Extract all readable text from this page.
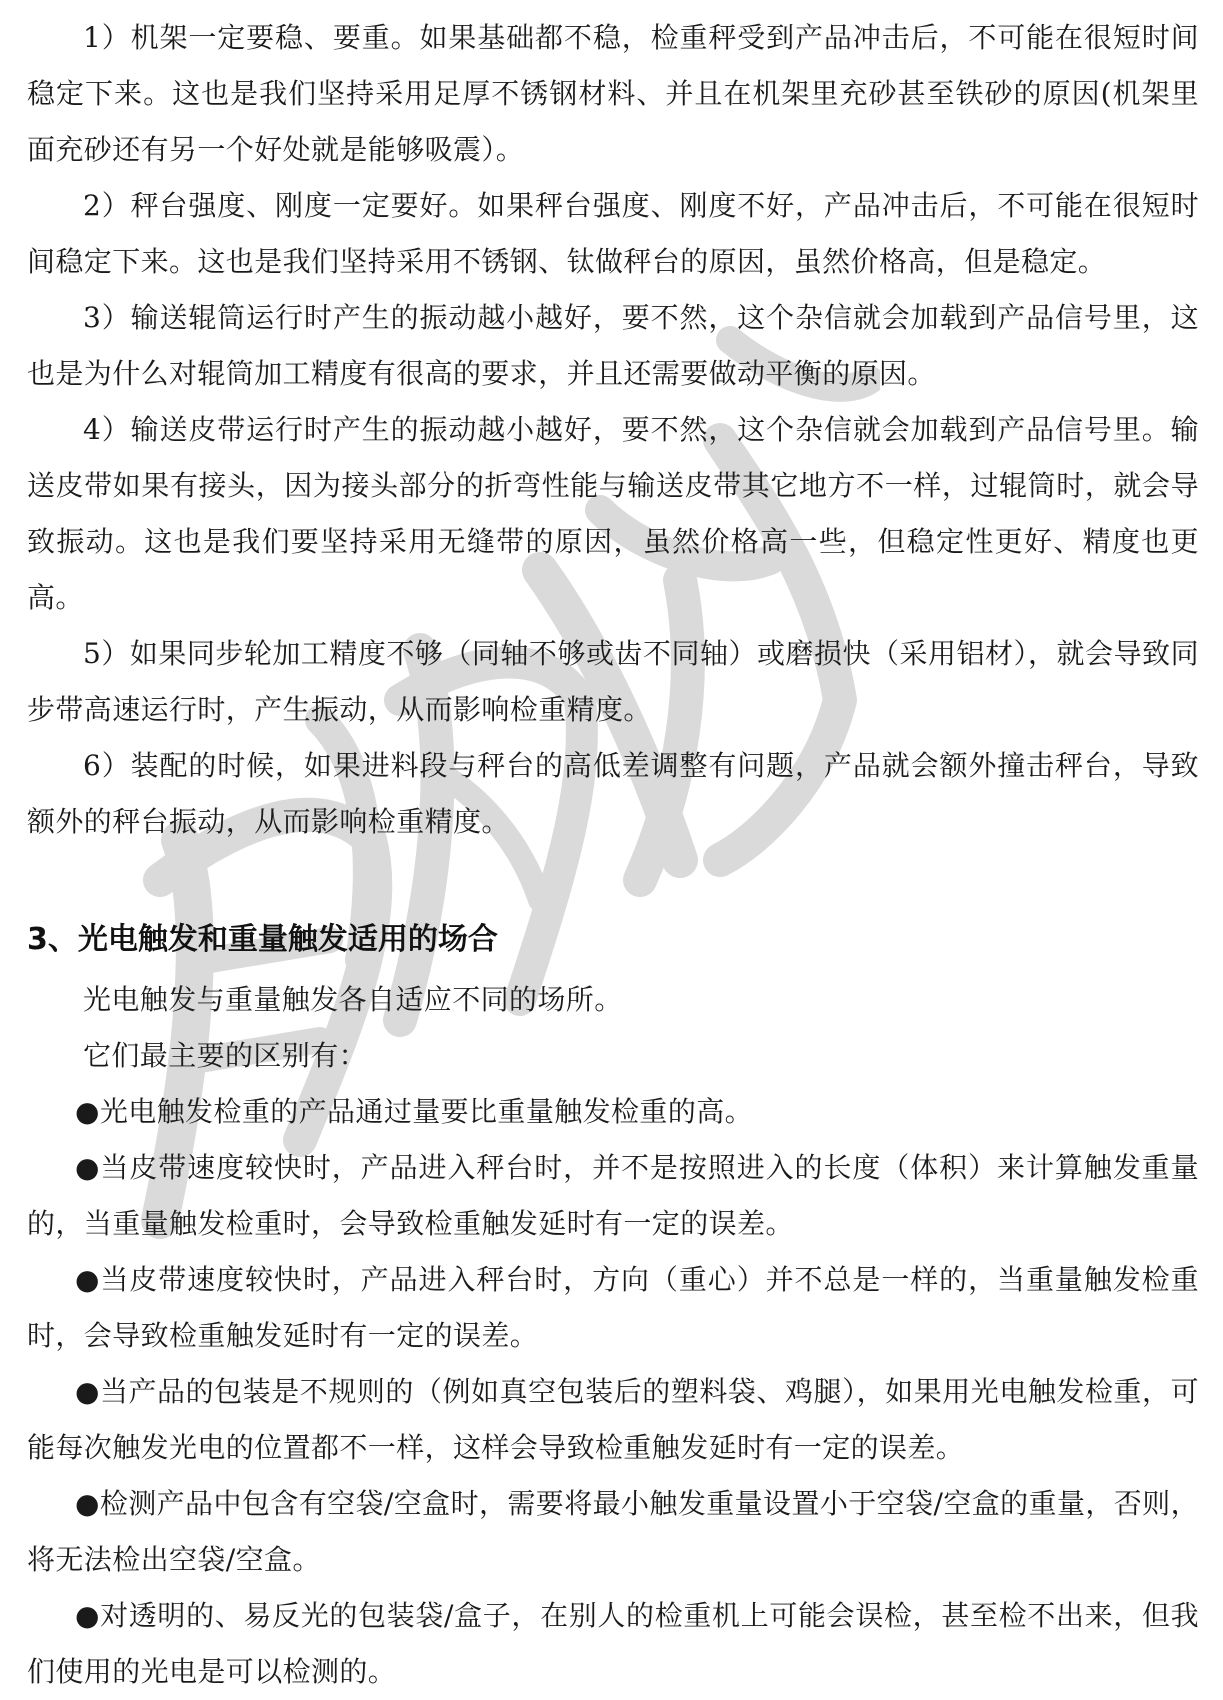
1）机架一定要稳、要重。如果基础都不稳，检重秤受到产品冲击后，不可能在很短时间稳定下来。这也是我们坚持采用足厚不锈钢材料、并且在机架里充砂甚至铁砂的原因(机架里面充砂还有另一个好处就是能够吸震）。

2）秤台强度、刚度一定要好。如果秤台强度、刚度不好，产品冲击后，不可能在很短时间稳定下来。这也是我们坚持采用不锈钢、钛做秤台的原因，虽然价格高，但是稳定。

3）输送辊筒运行时产生的振动越小越好，要不然，这个杂信就会加载到产品信号里，这也是为什么对辊筒加工精度有很高的要求，并且还需要做动平衡的原因。

4）输送皮带运行时产生的振动越小越好，要不然，这个杂信就会加载到产品信号里。输送皮带如果有接头，因为接头部分的折弯性能与输送皮带其它地方不一样，过辊筒时，就会导致振动。这也是我们要坚持采用无缝带的原因，虽然价格高一些，但稳定性更好、精度也更高。

5）如果同步轮加工精度不够（同轴不够或齿不同轴）或磨损快（采用铝材），就会导致同步带高速运行时，产生振动，从而影响检重精度。

6）装配的时候，如果进料段与秤台的高低差调整有问题，产品就会额外撞击秤台，导致额外的秤台振动，从而影响检重精度。

3、光电触发和重量触发适用的场合

光电触发与重量触发各自适应不同的场所。

它们最主要的区别有：

●光电触发检重的产品通过量要比重量触发检重的高。

●当皮带速度较快时，产品进入秤台时，并不是按照进入的长度（体积）来计算触发重量的，当重量触发检重时，会导致检重触发延时有一定的误差。

●当皮带速度较快时，产品进入秤台时，方向（重心）并不总是一样的，当重量触发检重时，会导致检重触发延时有一定的误差。

●当产品的包装是不规则的（例如真空包装后的塑料袋、鸡腿），如果用光电触发检重，可能每次触发光电的位置都不一样，这样会导致检重触发延时有一定的误差。

●检测产品中包含有空袋/空盒时，需要将最小触发重量设置小于空袋/空盒的重量，否则，将无法检出空袋/空盒。

●对透明的、易反光的包装袋/盒子，在别人的检重机上可能会误检，甚至检不出来，但我们使用的光电是可以检测的。
